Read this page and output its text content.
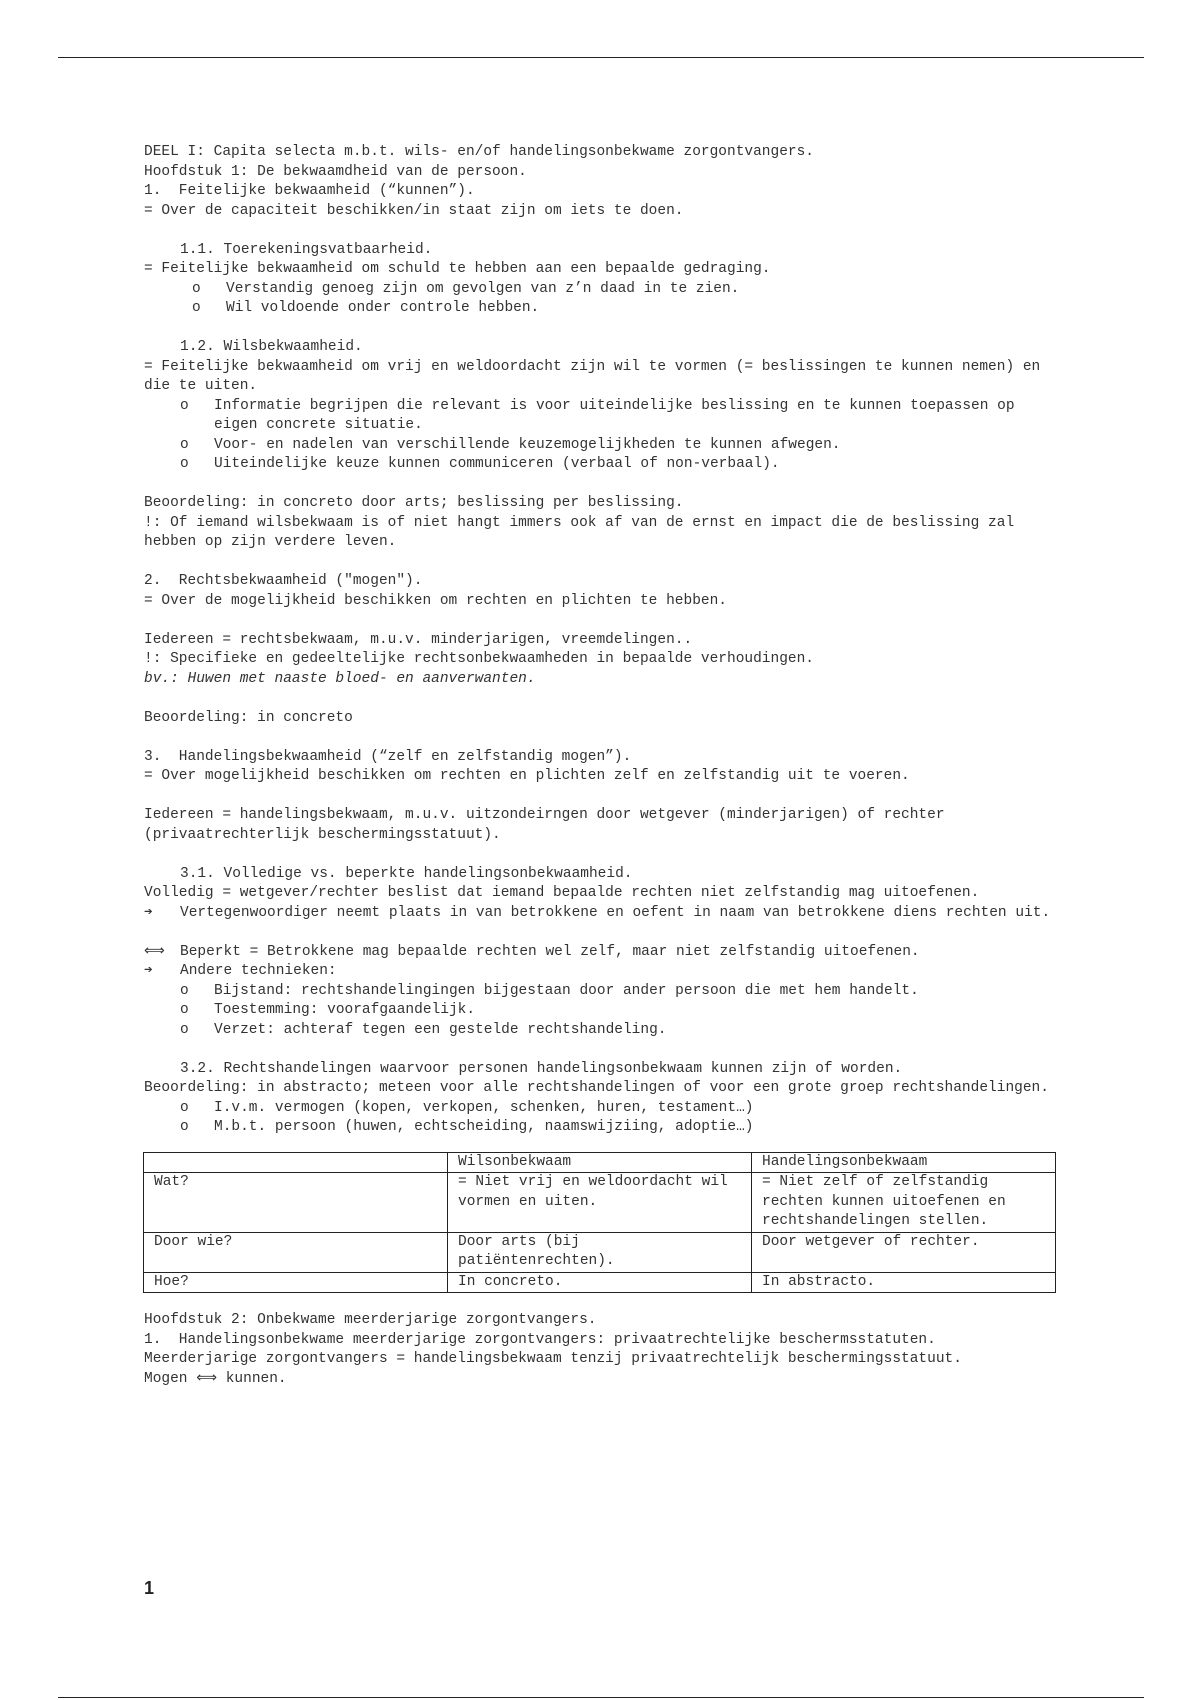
DEEL I: Capita selecta m.b.t. wils- en/of handelingsonbekwame zorgontvangers.
Hoofdstuk 1: De bekwaamdheid van de persoon.
1.  Feitelijke bekwaamheid (“kunnen”).
= Over de capaciteit beschikken/in staat zijn om iets te doen.
1.1. Toerekeningsvatbaarheid.
= Feitelijke bekwaamheid om schuld te hebben aan een bepaalde gedraging.
o	Verstandig genoeg zijn om gevolgen van z’n daad in te zien.
o	Wil voldoende onder controle hebben.
1.2. Wilsbekwaamheid.
= Feitelijke bekwaamheid om vrij en weldoordacht zijn wil te vormen (= beslissingen te kunnen nemen) en die te uiten.
o	Informatie begrijpen die relevant is voor uiteindelijke beslissing en te kunnen toepassen op eigen concrete situatie.
o	Voor- en nadelen van verschillende keuzemogelijkheden te kunnen afwegen.
o	Uiteindelijke keuze kunnen communiceren (verbaal of non-verbaal).
Beoordeling: in concreto door arts; beslissing per beslissing.
!: Of iemand wilsbekwaam is of niet hangt immers ook af van de ernst en impact die de beslissing zal hebben op zijn verdere leven.
2.  Rechtsbekwaamheid ("mogen").
= Over de mogelijkheid beschikken om rechten en plichten te hebben.
Iedereen = rechtsbekwaam, m.u.v. minderjarigen, vreemdelingen..
!: Specifieke en gedeeltelijke rechtsonbekwaamheden in bepaalde verhoudingen.
bv.: Huwen met naaste bloed- en aanverwanten.
Beoordeling: in concreto
3.  Handelingsbekwaamheid (“zelf en zelfstandig mogen”).
= Over mogelijkheid beschikken om rechten en plichten zelf en zelfstandig uit te voeren.
Iedereen = handelingsbekwaam, m.u.v. uitzondeirngen door wetgever (minderjarigen) of rechter (privaatrechterlijk beschermingsstatuut).
3.1. Volledige vs. beperkte handelingsonbekwaamheid.
Volledig = wetgever/rechter beslist dat iemand bepaalde rechten niet zelfstandig mag uitoefenen.
➔	Vertegenwoordiger neemt plaats in van betrokkene en oefent in naam van betrokkene diens rechten uit.
⟺	Beperkt = Betrokkene mag bepaalde rechten wel zelf, maar niet zelfstandig uitoefenen.
➔	Andere technieken:
o	Bijstand: rechtshandelingingen bijgestaan door ander persoon die met hem handelt.
o	Toestemming: voorafgaandelijk.
o	Verzet: achteraf tegen een gestelde rechtshandeling.
3.2. Rechtshandelingen waarvoor personen handelingsonbekwaam kunnen zijn of worden.
Beoordeling: in abstracto; meteen voor alle rechtshandelingen of voor een grote groep rechtshandelingen.
o	I.v.m. vermogen (kopen, verkopen, schenken, huren, testament…)
o	M.b.t. persoon (huwen, echtscheiding, naamswijziing, adoptie…)
	Wilsonbekwaam	Handelingsonbekwaam
Wat?	= Niet vrij en weldoordacht wil vormen en uiten.	= Niet zelf of zelfstandig rechten kunnen uitoefenen en rechtshandelingen stellen.
Door wie?	Door arts (bij patiëntenrechten).	Door wetgever of rechter.
Hoe?	In concreto.	In abstracto.
Hoofdstuk 2: Onbekwame meerderjarige zorgontvangers.
1.  Handelingsonbekwame meerderjarige zorgontvangers: privaatrechtelijke beschermsstatuten.
Meerderjarige zorgontvangers = handelingsbekwaam tenzij privaatrechtelijk beschermingsstatuut.
Mogen ⟺ kunnen.
1
